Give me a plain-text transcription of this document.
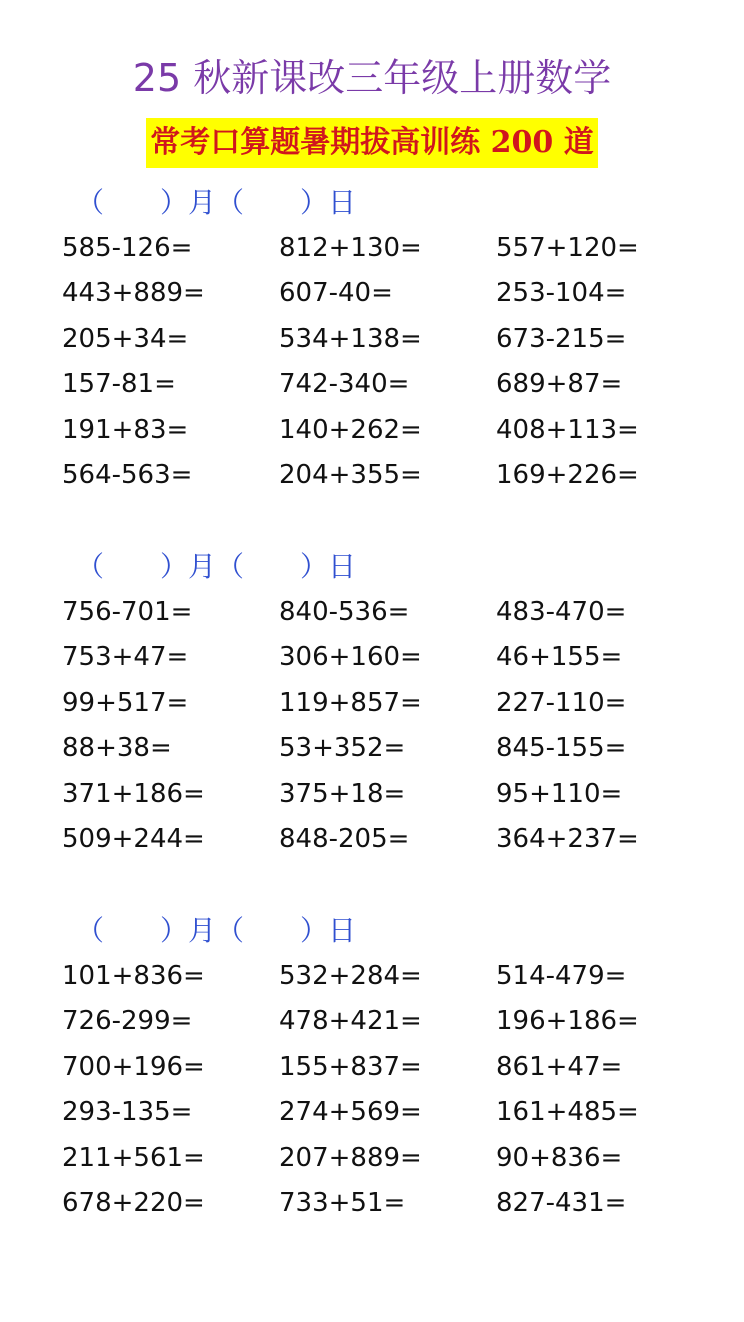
25 秋新课改三年级上册数学
常考口算题暑期拔高训练 200 道
（　　）月（　　）日
585-126=	812+130=	557+120=
443+889=	607-40=	253-104=
205+34=	534+138=	673-215=
157-81=	742-340=	689+87=
191+83=	140+262=	408+113=
564-563=	204+355=	169+226=
（　　）月（　　）日
756-701=	840-536=	483-470=
753+47=	306+160=	46+155=
99+517=	119+857=	227-110=
88+38=	53+352=	845-155=
371+186=	375+18=	95+110=
509+244=	848-205=	364+237=
（　　）月（　　）日
101+836=	532+284=	514-479=
726-299=	478+421=	196+186=
700+196=	155+837=	861+47=
293-135=	274+569=	161+485=
211+561=	207+889=	90+836=
678+220=	733+51=	827-431=
